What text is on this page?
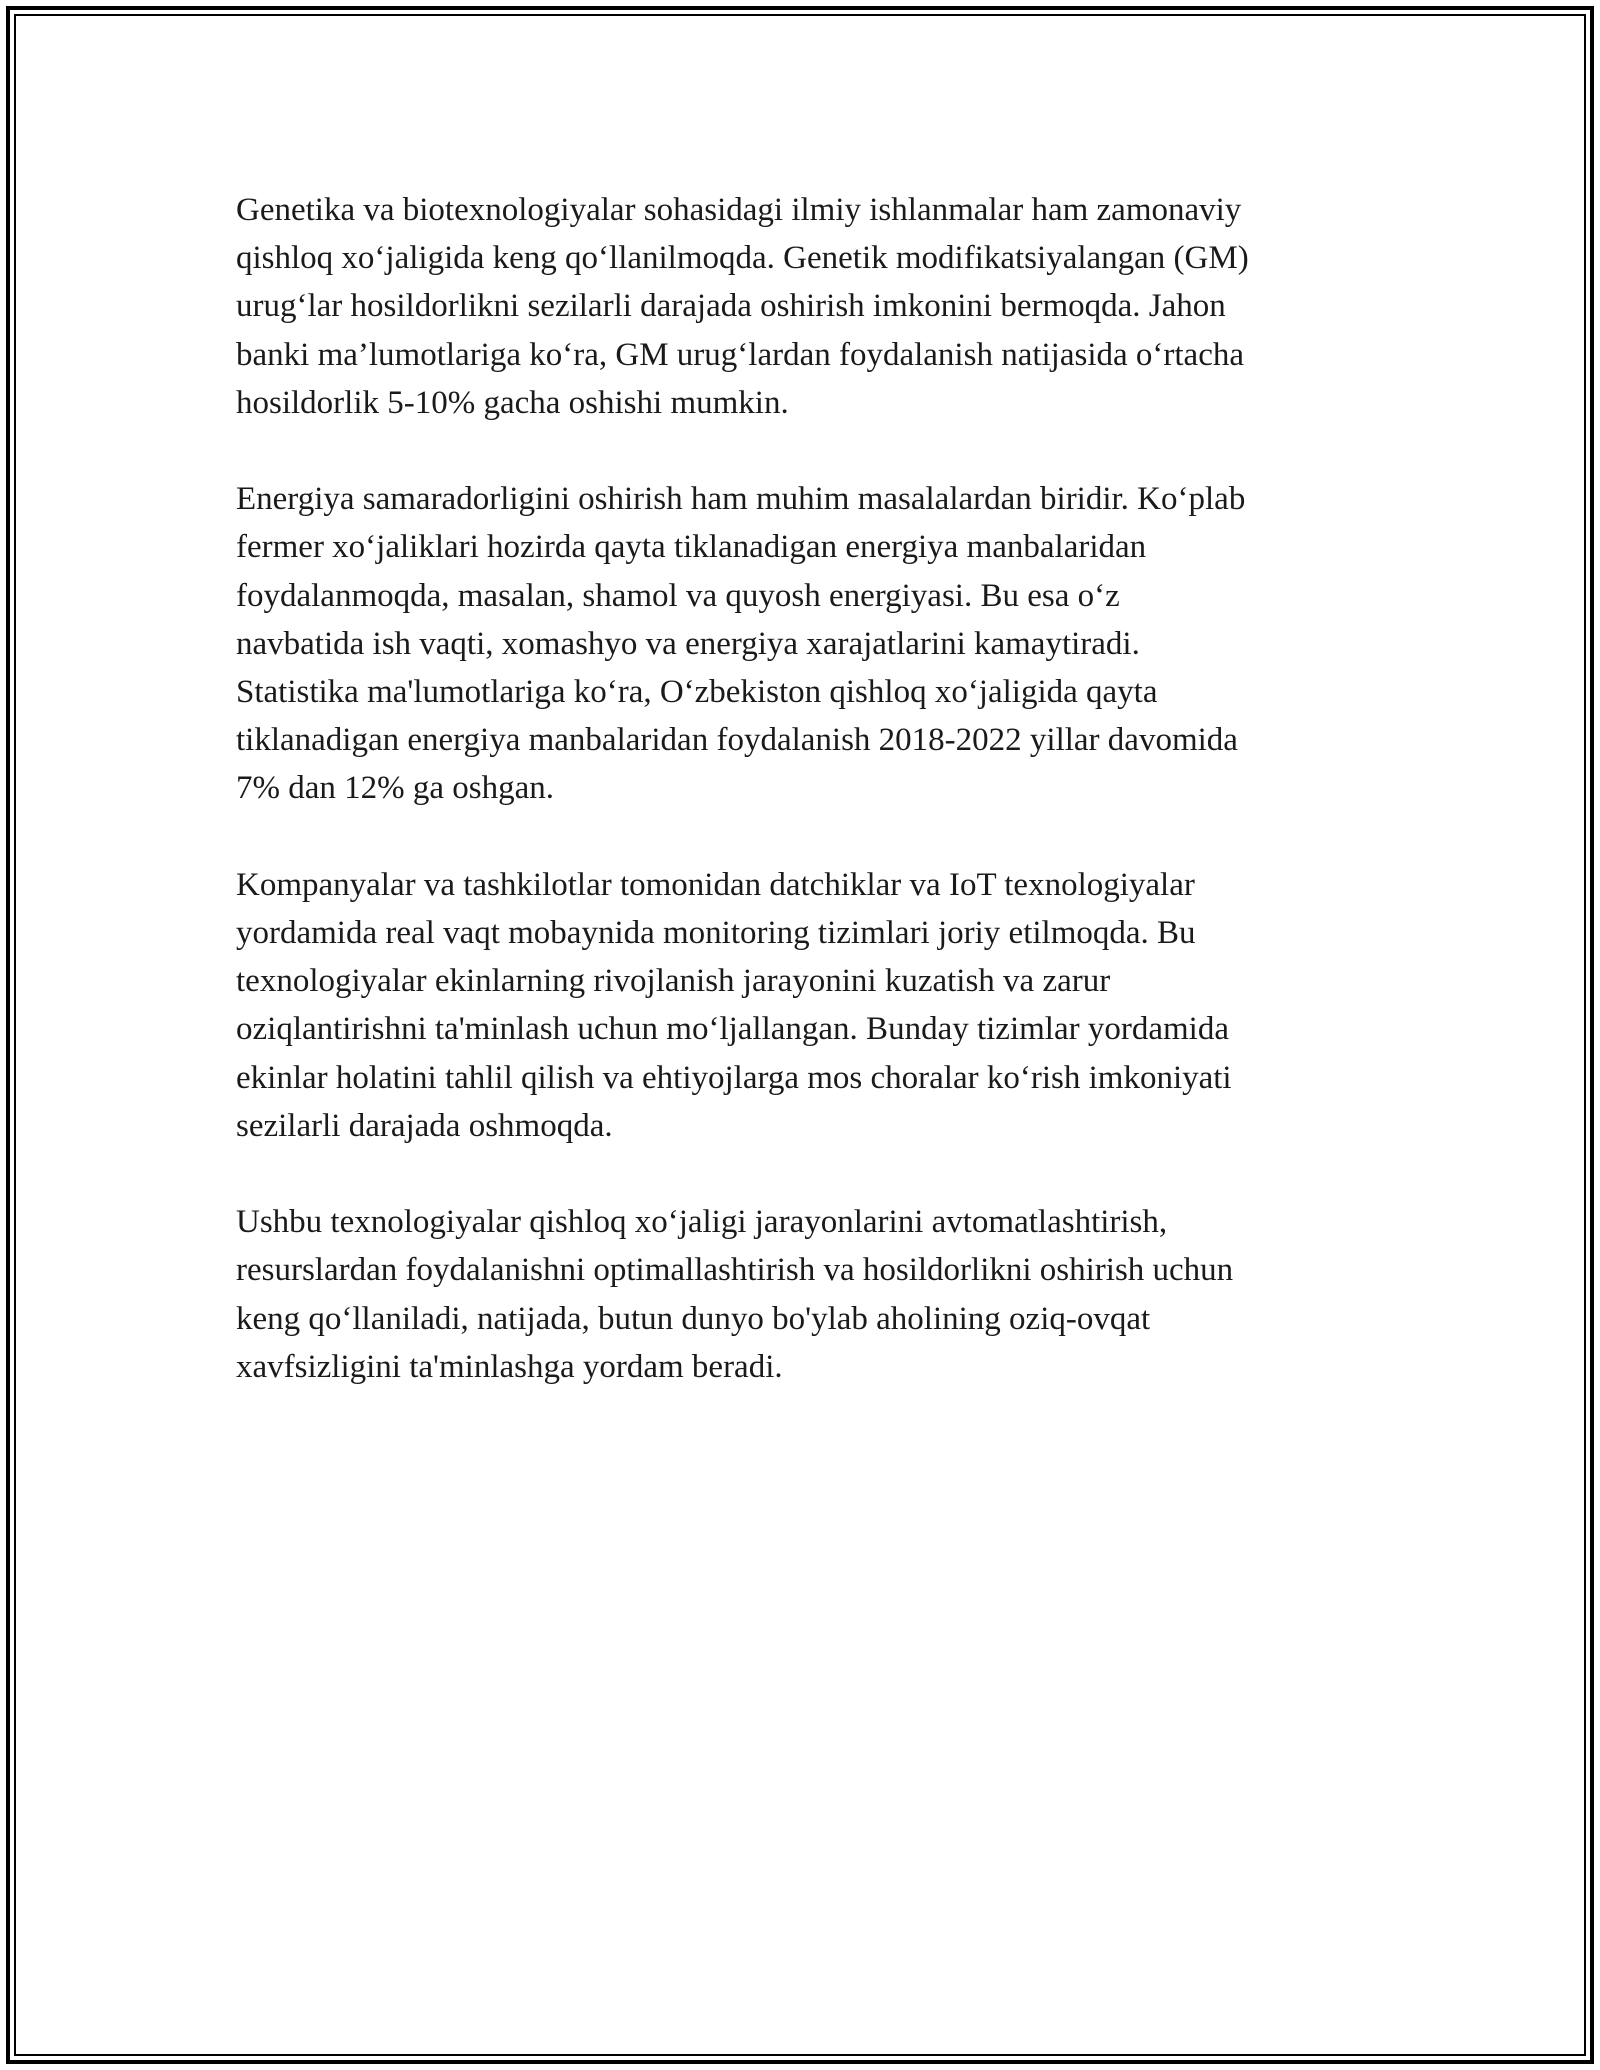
Genetika va biotexnologiyalar sohasidagi ilmiy ishlanmalar ham zamonaviy
qishloq xo‘jaligida keng qo‘llanilmoqda. Genetik modifikatsiyalangan (GM)
urug‘lar hosildorlikni sezilarli darajada oshirish imkonini bermoqda. Jahon
banki ma’lumotlariga ko‘ra, GM urug‘lardan foydalanish natijasida o‘rtacha
hosildorlik 5-10% gacha oshishi mumkin.

Energiya samaradorligini oshirish ham muhim masalalardan biridir. Ko‘plab
fermer xo‘jaliklari hozirda qayta tiklanadigan energiya manbalaridan
foydalanmoqda, masalan, shamol va quyosh energiyasi. Bu esa o‘z
navbatida ish vaqti, xomashyo va energiya xarajatlarini kamaytiradi.
Statistika ma'lumotlariga ko‘ra, O‘zbekiston qishloq xo‘jaligida qayta
tiklanadigan energiya manbalaridan foydalanish 2018-2022 yillar davomida
7% dan 12% ga oshgan.

Kompanyalar va tashkilotlar tomonidan datchiklar va IoT texnologiyalar
yordamida real vaqt mobaynida monitoring tizimlari joriy etilmoqda. Bu
texnologiyalar ekinlarning rivojlanish jarayonini kuzatish va zarur
oziqlantirishni ta'minlash uchun mo‘ljallangan. Bunday tizimlar yordamida
ekinlar holatini tahlil qilish va ehtiyojlarga mos choralar ko‘rish imkoniyati
sezilarli darajada oshmoqda.

Ushbu texnologiyalar qishloq xo‘jaligi jarayonlarini avtomatlashtirish,
resurslardan foydalanishni optimallashtirish va hosildorlikni oshirish uchun
keng qo‘llaniladi, natijada, butun dunyo bo'ylab aholining oziq-ovqat
xavfsizligini ta'minlashga yordam beradi.
